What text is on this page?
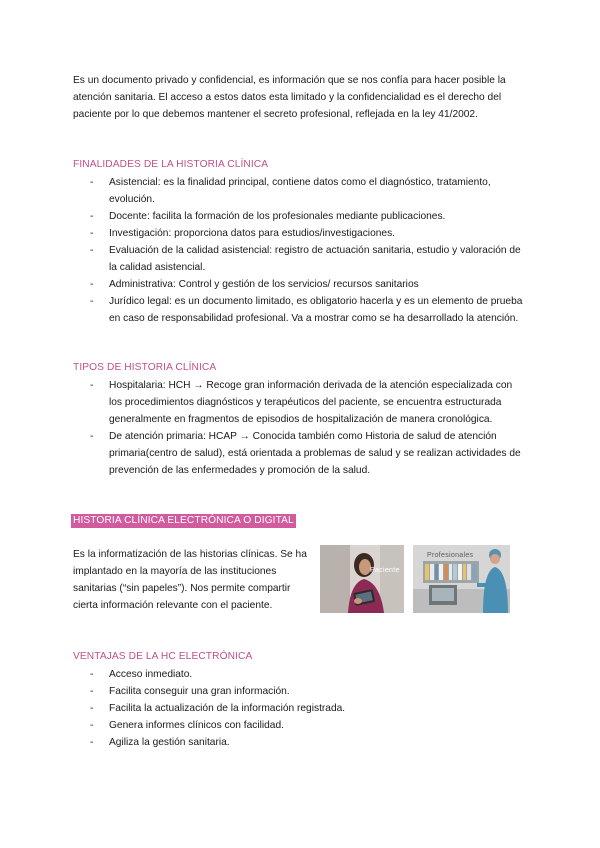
Es un documento privado y confidencial, es información que se nos confía para hacer posible la atención sanitaria. El acceso a estos datos esta limitado y la confidencialidad es el derecho del paciente por lo que debemos mantener el secreto profesional, reflejada en la ley 41/2002.

FINALIDADES DE LA HISTORIA CLÍNICA

- Asistencial: es la finalidad principal, contiene datos como el diagnóstico, tratamiento, evolución.
- Docente: facilita la formación de los profesionales mediante publicaciones.
- Investigación: proporciona datos para estudios/investigaciones.
- Evaluación de la calidad asistencial: registro de actuación sanitaria, estudio y valoración de la calidad asistencial.
- Administrativa: Control y gestión de los servicios/ recursos sanitarios
- Jurídico legal: es un documento limitado, es obligatorio hacerla y es un elemento de prueba en caso de responsabilidad profesional. Va a mostrar como se ha desarrollado la atención.

TIPOS DE HISTORIA CLÍNICA

- Hospitalaria: HCH → Recoge gran información derivada de la atención especializada con los procedimientos diagnósticos y terapéuticos del paciente, se encuentra estructurada generalmente en fragmentos de episodios de hospitalización de manera cronológica.
- De atención primaria: HCAP → Conocida también como Historia de salud de atención primaria(centro de salud), está orientada a problemas de salud y se realizan actividades de prevención de las enfermedades y promoción de la salud.

HISTORIA CLÍNICA ELECTRÓNICA O DIGITAL

Es la informatización de las historias clínicas. Se ha implantado en la mayoría de las instituciones sanitarias (“sin papeles”). Nos permite compartir cierta información relevante con el paciente.

Paciente
Profesionales

VENTAJAS DE LA HC ELECTRÓNICA

- Acceso inmediato.
- Facilita conseguir una gran información.
- Facilita la actualización de la información registrada.
- Genera informes clínicos con facilidad.
- Agiliza la gestión sanitaria.
